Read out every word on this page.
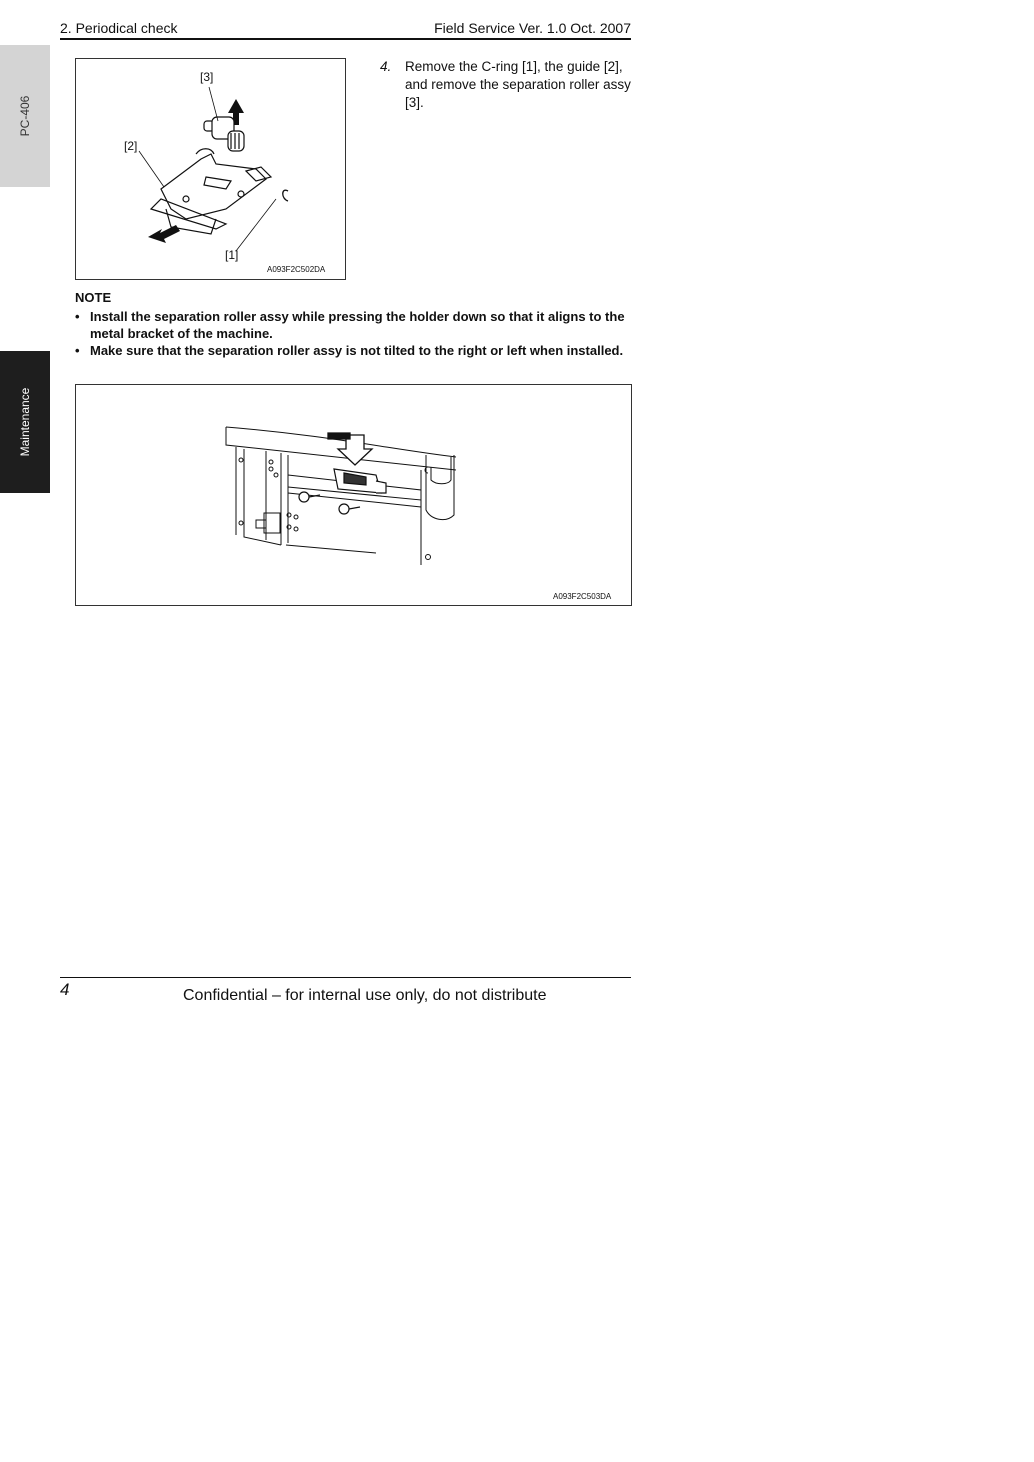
PC-406
Maintenance
2. Periodical check	Field Service Ver. 1.0 Oct. 2007
[3]
[2]
[1]
A093F2C502DA
4. Remove the C-ring [1], the guide [2], and remove the separation roller assy [3].
NOTE
• Install the separation roller assy while pressing the holder down so that it aligns to the metal bracket of the machine.
• Make sure that the separation roller assy is not tilted to the right or left when installed.
A093F2C503DA
4	Confidential – for internal use only, do not distribute
